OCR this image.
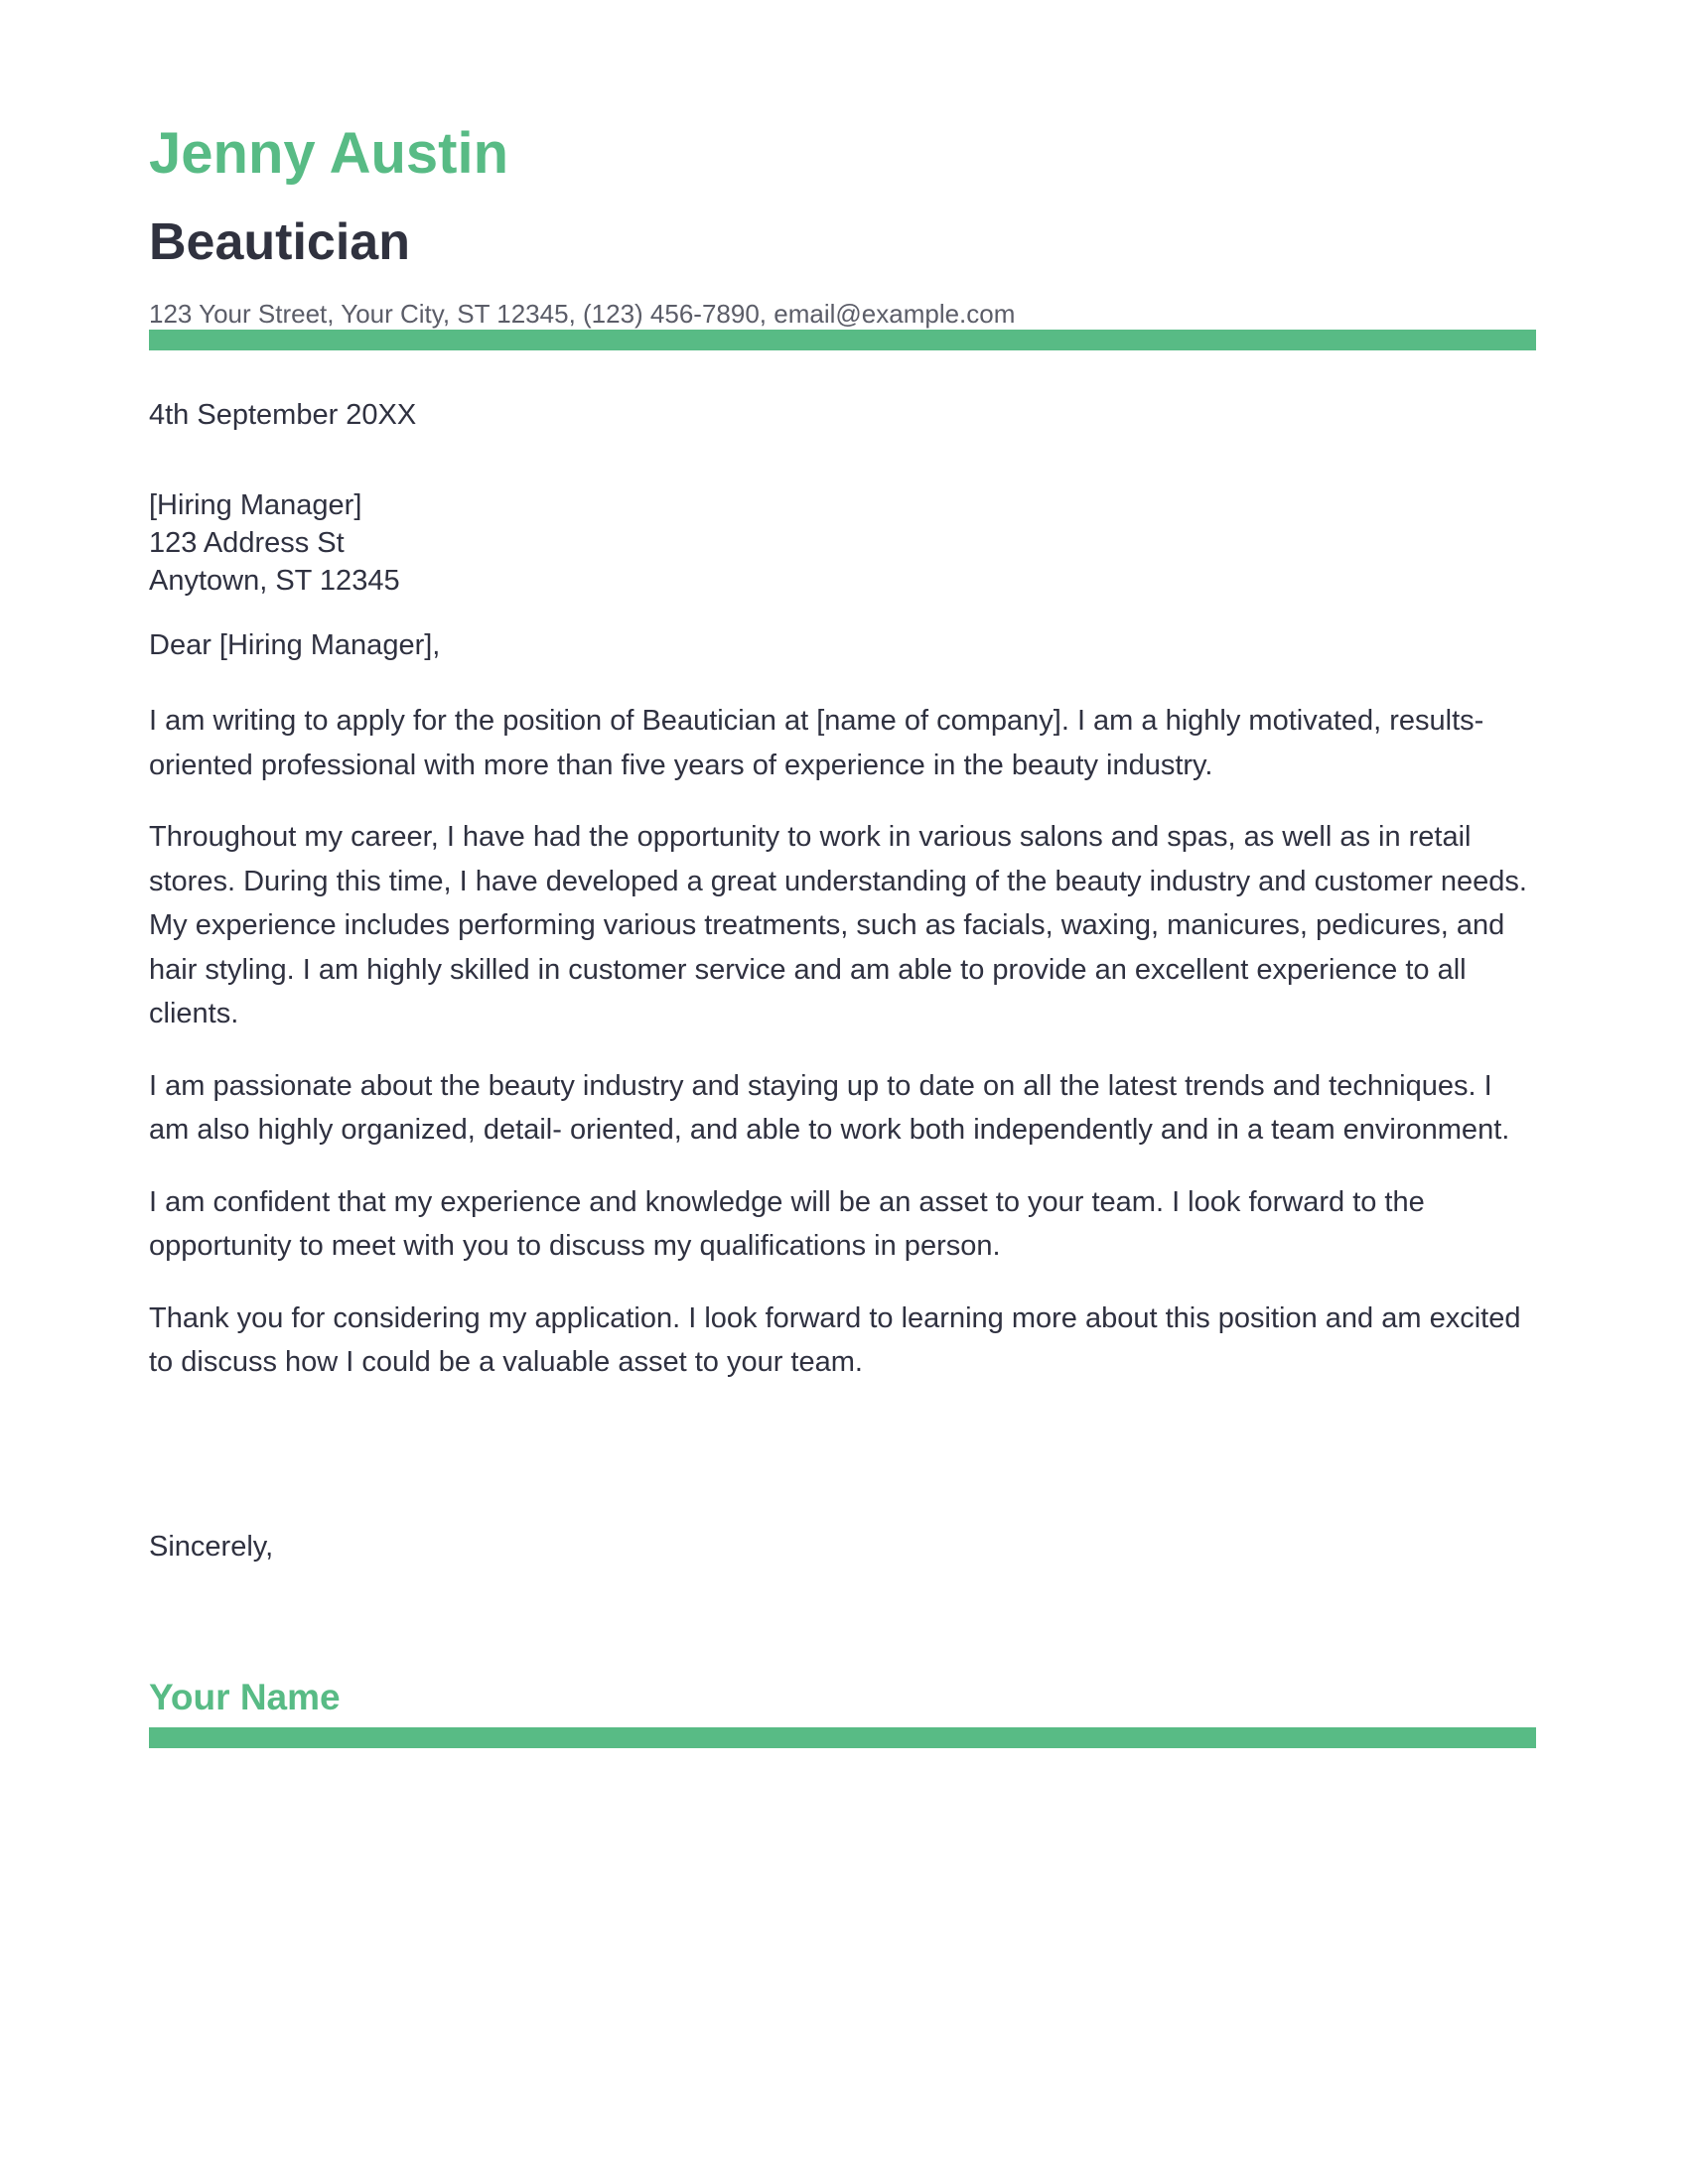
Jenny Austin
Beautician
123 Your Street, Your City, ST 12345, (123) 456-7890, email@example.com
4th September 20XX
[Hiring Manager]
123 Address St
Anytown, ST 12345
Dear [Hiring Manager],

I am writing to apply for the position of Beautician at [name of company]. I am a highly motivated, results-oriented professional with more than five years of experience in the beauty industry.

Throughout my career, I have had the opportunity to work in various salons and spas, as well as in retail stores. During this time, I have developed a great understanding of the beauty industry and customer needs. My experience includes performing various treatments, such as facials, waxing, manicures, pedicures, and hair styling. I am highly skilled in customer service and am able to provide an excellent experience to all clients.

I am passionate about the beauty industry and staying up to date on all the latest trends and techniques. I am also highly organized, detail- oriented, and able to work both independently and in a team environment.

I am confident that my experience and knowledge will be an asset to your team. I look forward to the opportunity to meet with you to discuss my qualifications in person.

Thank you for considering my application. I look forward to learning more about this position and am excited to discuss how I could be a valuable asset to your team.

Sincerely,
Your Name
